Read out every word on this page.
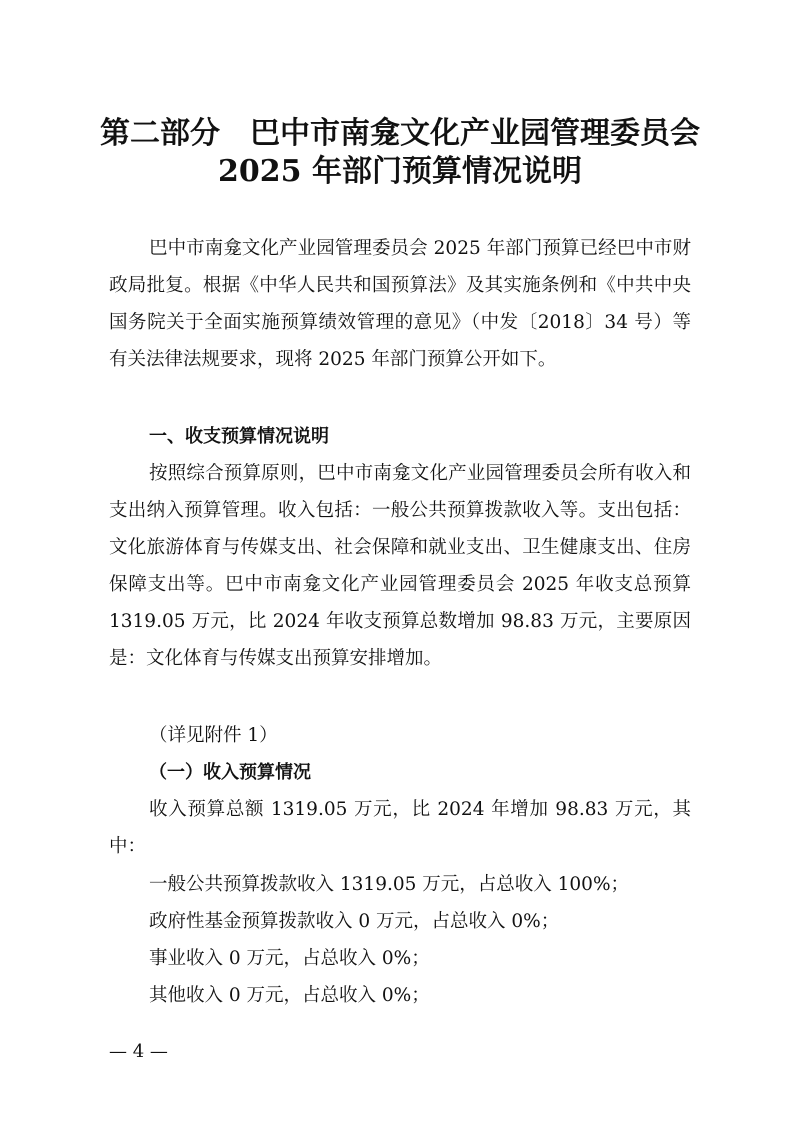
第二部分　巴中市南龛文化产业园管理委员会
2025 年部门预算情况说明

巴中市南龛文化产业园管理委员会 2025 年部门预算已经巴中市财政局批复。根据《中华人民共和国预算法》及其实施条例和《中共中央国务院关于全面实施预算绩效管理的意见》（中发〔2018〕34 号）等有关法律法规要求，现将 2025 年部门预算公开如下。

一、收支预算情况说明

按照综合预算原则，巴中市南龛文化产业园管理委员会所有收入和支出纳入预算管理。收入包括：一般公共预算拨款收入等。支出包括：文化旅游体育与传媒支出、社会保障和就业支出、卫生健康支出、住房保障支出等。巴中市南龛文化产业园管理委员会 2025 年收支总预算 1319.05 万元，比 2024 年收支预算总数增加 98.83 万元，主要原因是：文化体育与传媒支出预算安排增加。

（详见附件 1）
（一）收入预算情况

收入预算总额 1319.05 万元，比 2024 年增加 98.83 万元，其中：

一般公共预算拨款收入 1319.05 万元，占总收入 100%；
政府性基金预算拨款收入 0 万元，占总收入 0%；
事业收入 0 万元，占总收入 0%；
其他收入 0 万元，占总收入 0%；
— 4 —
